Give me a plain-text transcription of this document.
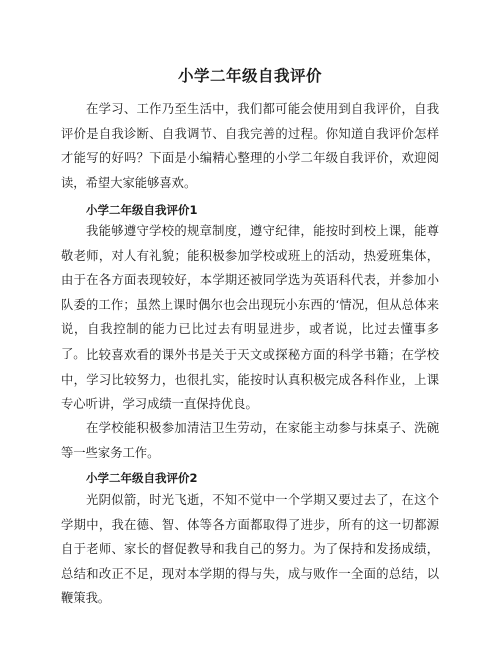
小学二年级自我评价

在学习、工作乃至生活中，我们都可能会使用到自我评价，自我评价是自我诊断、自我调节、自我完善的过程。你知道自我评价怎样才能写的好吗？下面是小编精心整理的小学二年级自我评价，欢迎阅读，希望大家能够喜欢。

小学二年级自我评价1

我能够遵守学校的规章制度，遵守纪律，能按时到校上课，能尊敬老师，对人有礼貌；能积极参加学校或班上的活动，热爱班集体，由于在各方面表现较好，本学期还被同学选为英语科代表，并参加小队委的工作；虽然上课时偶尔也会出现玩小东西的‘情况，但从总体来说，自我控制的能力已比过去有明显进步，或者说，比过去懂事多了。 比较喜欢看的课外书是关于天文或探秘方面的科学书籍；在学校中，学习比较努力，也很扎实，能按时认真积极完成各科作业，上课专心听讲，学习成绩一直保持优良。

在学校能积极参加清洁卫生劳动，在家能主动参与抹桌子、洗碗等一些家务工作。

小学二年级自我评价2

光阴似箭，时光飞逝，不知不觉中一个学期又要过去了，在这个学期中，我在德、智、体等各方面都取得了进步，所有的这一切都源自于老师、家长的督促教导和我自己的努力。为了保持和发扬成绩，总结和改正不足，现对本学期的得与失，成与败作一全面的总结，以鞭策我。
